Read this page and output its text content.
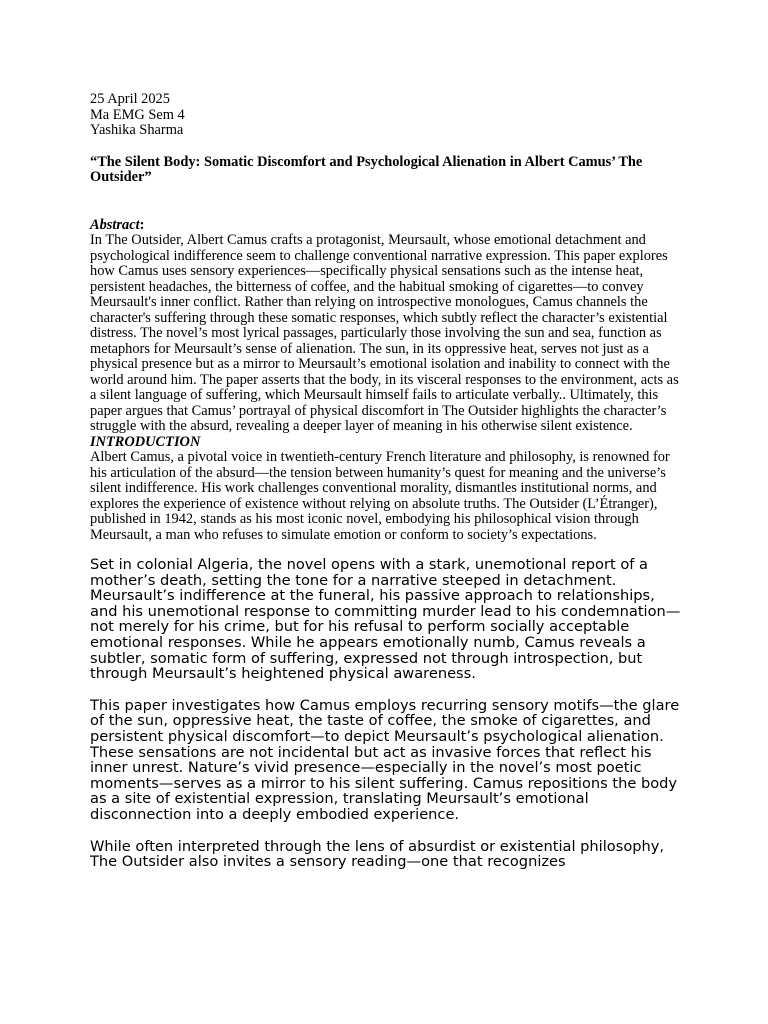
25 April 2025
Ma EMG Sem 4
Yashika Sharma
“The Silent Body: Somatic Discomfort and Psychological Alienation in Albert Camus’ The Outsider”
Abstract:

In The Outsider, Albert Camus crafts a protagonist, Meursault, whose emotional detachment and psychological indifference seem to challenge conventional narrative expression. This paper explores how Camus uses sensory experiences—specifically physical sensations such as the intense heat, persistent headaches, the bitterness of coffee, and the habitual smoking of cigarettes—to convey Meursault's inner conflict. Rather than relying on introspective monologues, Camus channels the character's suffering through these somatic responses, which subtly reflect the character’s existential distress. The novel’s most lyrical passages, particularly those involving the sun and sea, function as metaphors for Meursault’s sense of alienation. The sun, in its oppressive heat, serves not just as a physical presence but as a mirror to Meursault’s emotional isolation and inability to connect with the world around him. The paper asserts that the body, in its visceral responses to the environment, acts as a silent language of suffering, which Meursault himself fails to articulate verbally.. Ultimately, this paper argues that Camus’ portrayal of physical discomfort in The Outsider highlights the character’s struggle with the absurd, revealing a deeper layer of meaning in his otherwise silent existence.

INTRODUCTION

Albert Camus, a pivotal voice in twentieth-century French literature and philosophy, is renowned for his articulation of the absurd—the tension between humanity’s quest for meaning and the universe’s silent indifference. His work challenges conventional morality, dismantles institutional norms, and explores the experience of existence without relying on absolute truths. The Outsider (L’Étranger), published in 1942, stands as his most iconic novel, embodying his philosophical vision through Meursault, a man who refuses to simulate emotion or conform to society’s expectations.

Set in colonial Algeria, the novel opens with a stark, unemotional report of a mother’s death, setting the tone for a narrative steeped in detachment. Meursault’s indifference at the funeral, his passive approach to relationships, and his unemotional response to committing murder lead to his condemnation—not merely for his crime, but for his refusal to perform socially acceptable emotional responses. While he appears emotionally numb, Camus reveals a subtler, somatic form of suffering, expressed not through introspection, but through Meursault’s heightened physical awareness.

This paper investigates how Camus employs recurring sensory motifs—the glare of the sun, oppressive heat, the taste of coffee, the smoke of cigarettes, and persistent physical discomfort—to depict Meursault’s psychological alienation. These sensations are not incidental but act as invasive forces that reflect his inner unrest. Nature’s vivid presence—especially in the novel’s most poetic moments—serves as a mirror to his silent suffering. Camus repositions the body as a site of existential expression, translating Meursault’s emotional disconnection into a deeply embodied experience.

While often interpreted through the lens of absurdist or existential philosophy, The Outsider also invites a sensory reading—one that recognizes
